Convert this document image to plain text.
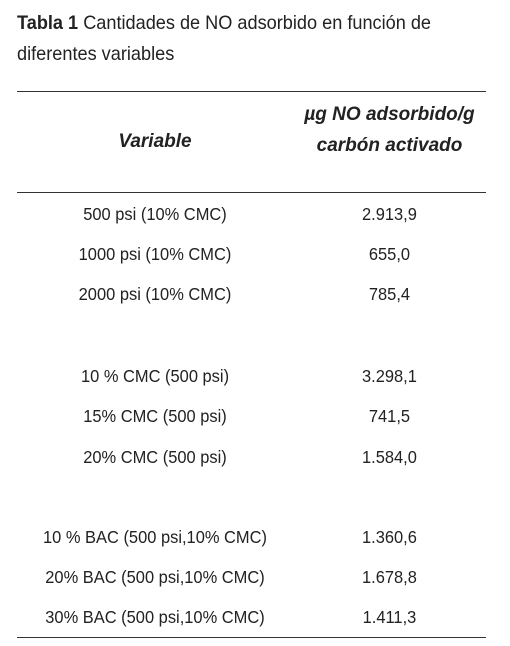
Tabla 1 Cantidades de NO adsorbido en función de diferentes variables
Variable
µg NO adsorbido/g carbón activado
500 psi (10% CMC)	2.913,9
1000 psi (10% CMC)	655,0
2000 psi (10% CMC)	785,4
10 % CMC (500 psi)	3.298,1
15% CMC (500 psi)	741,5
20% CMC (500 psi)	1.584,0
10 % BAC (500 psi,10% CMC)	1.360,6
20% BAC (500 psi,10% CMC)	1.678,8
30% BAC (500 psi,10% CMC)	1.411,3
